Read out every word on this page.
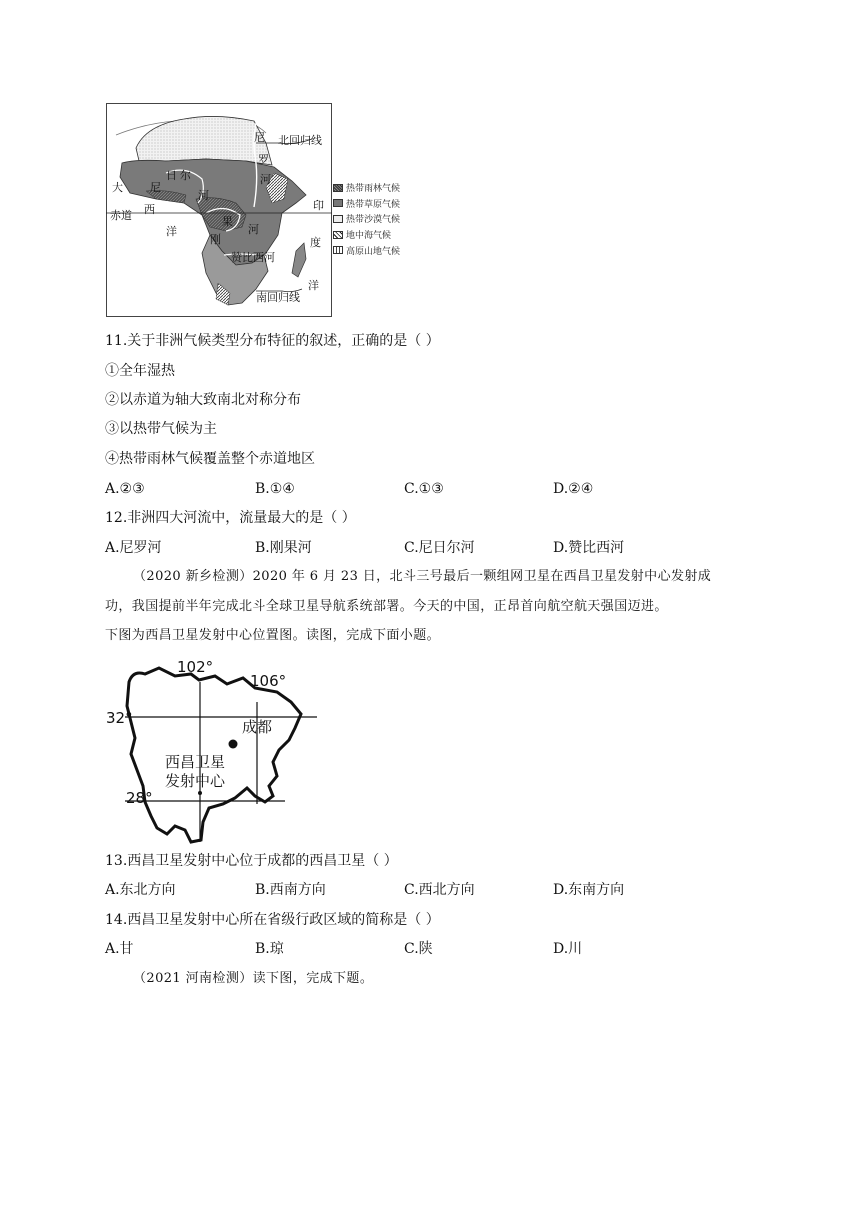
尼
罗
河
北回归线
日 尔
尼
河
大
西
洋
赤道	果
河
刚
赞比西河
印
度
洋
南回归线
热带雨林气候
热带草原气候
热带沙漠气候
地中海气候
高原山地气候
11.关于非洲气候类型分布特征的叙述，正确的是（ ）
①全年湿热
②以赤道为轴大致南北对称分布
③以热带气候为主
④热带雨林气候覆盖整个赤道地区
A.②③	B.①④	C.①③	D.②④
12.非洲四大河流中，流量最大的是（ ）
A.尼罗河	B.刚果河	C.尼日尔河	D.赞比西河
（2020 新乡检测）2020 年 6 月 23 日，北斗三号最后一颗组网卫星在西昌卫星发射中心发射成
功，我国提前半年完成北斗全球卫星导航系统部署。今天的中国，正昂首向航空航天强国迈进。
下图为西昌卫星发射中心位置图。读图，完成下面小题。
102°
106°
32°
28°
成都
西昌卫星
发射中心
13.西昌卫星发射中心位于成都的西昌卫星（ ）
A.东北方向	B.西南方向	C.西北方向	D.东南方向
14.西昌卫星发射中心所在省级行政区域的简称是（ ）
A.甘	B.琼	C.陕	D.川
（2021 河南检测）读下图，完成下题。
